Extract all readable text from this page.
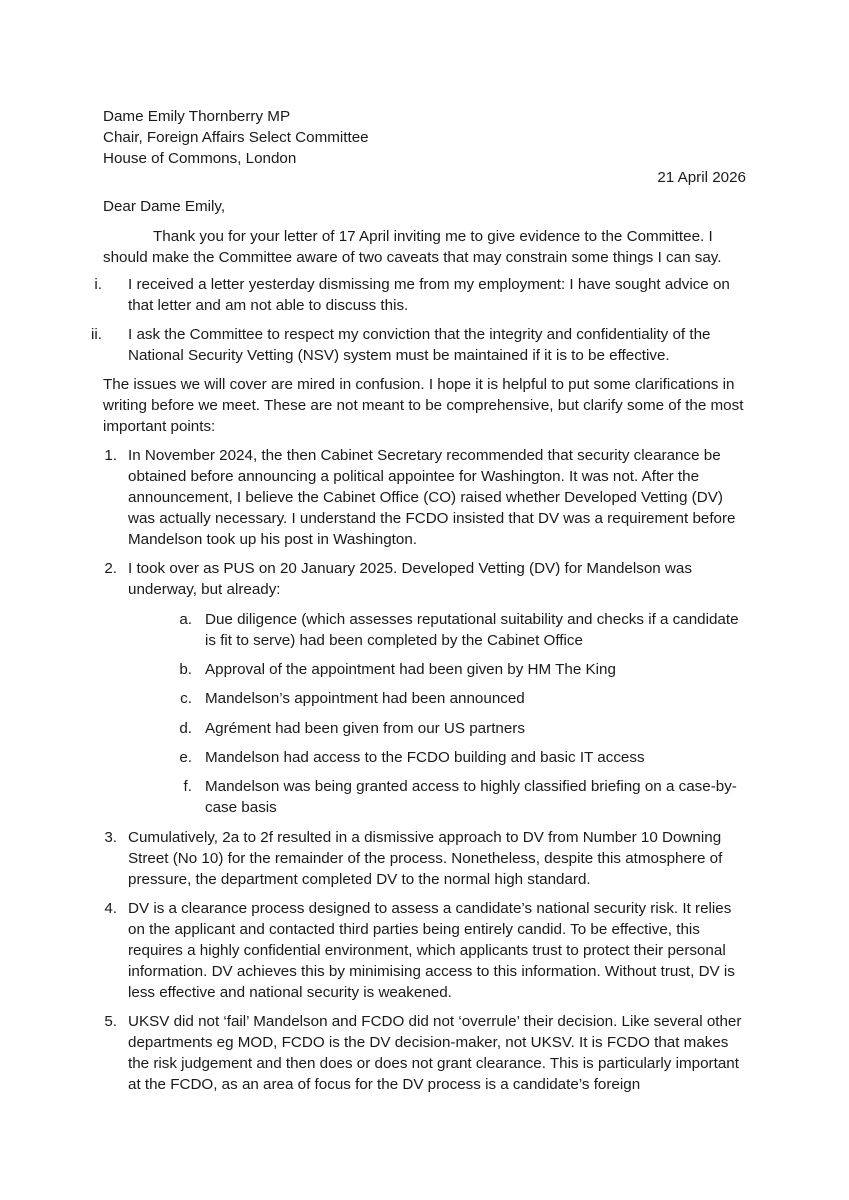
Dame Emily Thornberry MP
Chair, Foreign Affairs Select Committee
House of Commons, London
21 April 2026
Dear Dame Emily,

Thank you for your letter of 17 April inviting me to give evidence to the Committee. I should make the Committee aware of two caveats that may constrain some things I can say.

i. I received a letter yesterday dismissing me from my employment: I have sought advice on that letter and am not able to discuss this.
ii. I ask the Committee to respect my conviction that the integrity and confidentiality of the National Security Vetting (NSV) system must be maintained if it is to be effective.

The issues we will cover are mired in confusion. I hope it is helpful to put some clarifications in writing before we meet. These are not meant to be comprehensive, but clarify some of the most important points:

1. In November 2024, the then Cabinet Secretary recommended that security clearance be obtained before announcing a political appointee for Washington. It was not. After the announcement, I believe the Cabinet Office (CO) raised whether Developed Vetting (DV) was actually necessary. I understand the FCDO insisted that DV was a requirement before Mandelson took up his post in Washington.
2. I took over as PUS on 20 January 2025. Developed Vetting (DV) for Mandelson was underway, but already:
a. Due diligence (which assesses reputational suitability and checks if a candidate is fit to serve) had been completed by the Cabinet Office
b. Approval of the appointment had been given by HM The King
c. Mandelson’s appointment had been announced
d. Agrément had been given from our US partners
e. Mandelson had access to the FCDO building and basic IT access
f. Mandelson was being granted access to highly classified briefing on a case-by-case basis
3. Cumulatively, 2a to 2f resulted in a dismissive approach to DV from Number 10 Downing Street (No 10) for the remainder of the process. Nonetheless, despite this atmosphere of pressure, the department completed DV to the normal high standard.
4. DV is a clearance process designed to assess a candidate’s national security risk. It relies on the applicant and contacted third parties being entirely candid. To be effective, this requires a highly confidential environment, which applicants trust to protect their personal information. DV achieves this by minimising access to this information. Without trust, DV is less effective and national security is weakened.
5. UKSV did not ‘fail’ Mandelson and FCDO did not ‘overrule’ their decision. Like several other departments eg MOD, FCDO is the DV decision-maker, not UKSV. It is FCDO that makes the risk judgement and then does or does not grant clearance. This is particularly important at the FCDO, as an area of focus for the DV process is a candidate’s foreign
